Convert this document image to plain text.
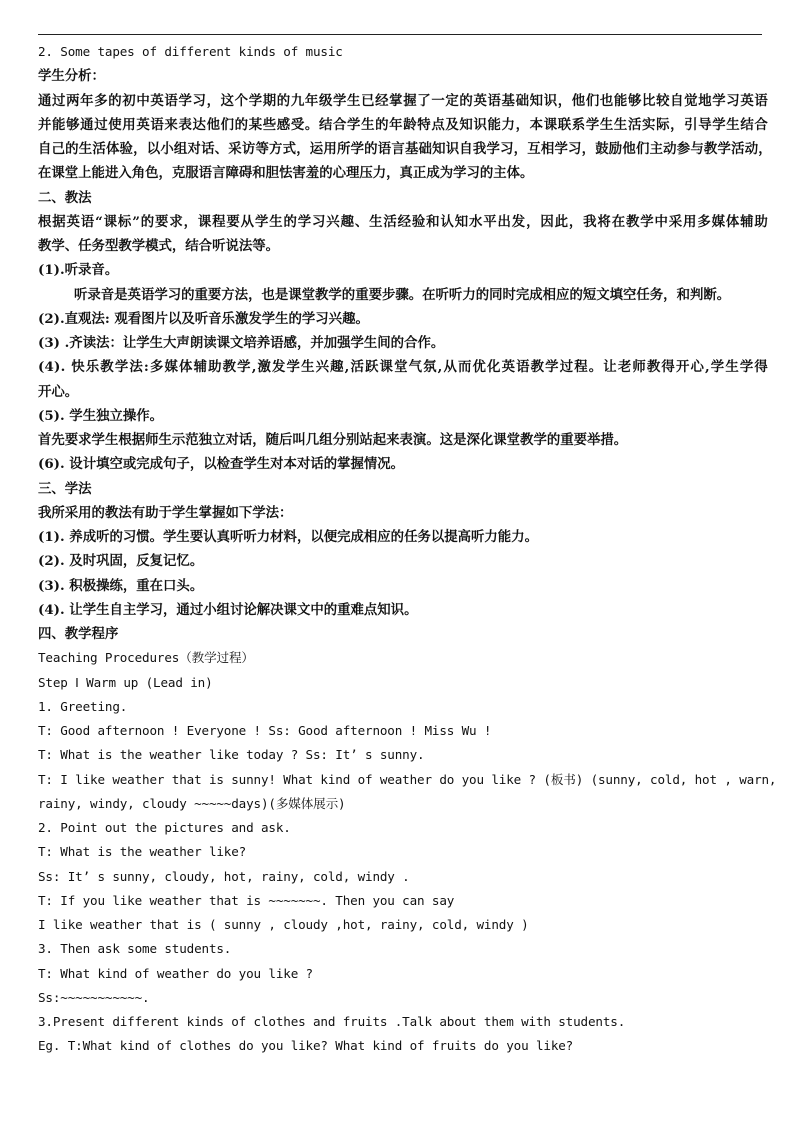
2. Some tapes of different kinds of music
学生分析：
通过两年多的初中英语学习，这个学期的九年级学生已经掌握了一定的英语基础知识，他们也能够比较自觉地学习英语
并能够通过使用英语来表达他们的某些感受。结合学生的年龄特点及知识能力，本课联系学生生活实际，引导学生结合
自己的生活体验，以小组对话、采访等方式，运用所学的语言基础知识自我学习，互相学习，鼓励他们主动参与教学活动，
在课堂上能进入角色，克服语言障碍和胆怯害羞的心理压力，真正成为学习的主体。
二、教法
根据英语“课标”的要求，课程要从学生的学习兴趣、生活经验和认知水平出发，因此，我将在教学中采用多媒体辅助
教学、任务型教学模式，结合听说法等。
(1).听录音。
听录音是英语学习的重要方法，也是课堂教学的重要步骤。在听听力的同时完成相应的短文填空任务，和判断。
(2).直观法: 观看图片以及听音乐激发学生的学习兴趣。
(3) .齐读法：让学生大声朗读课文培养语感，并加强学生间的合作。
(4). 快乐教学法:多媒体辅助教学,激发学生兴趣,活跃课堂气氛,从而优化英语教学过程。让老师教得开心,学生学得
开心。
(5). 学生独立操作。
首先要求学生根据师生示范独立对话，随后叫几组分别站起来表演。这是深化课堂教学的重要举措。
(6). 设计填空或完成句子，以检查学生对本对话的掌握情况。
三、学法
我所采用的教法有助于学生掌握如下学法：
(1). 养成听的习惯。学生要认真听听力材料，以便完成相应的任务以提高听力能力。
(2). 及时巩固，反复记忆。
(3). 积极操练，重在口头。
(4). 让学生自主学习，通过小组讨论解决课文中的重难点知识。
四、教学程序
Teaching Procedures（教学过程）
Step Ⅰ Warm up (Lead in)
1. Greeting.
T: Good afternoon ! Everyone ! Ss: Good afternoon ! Miss Wu !
T: What is the weather like today ? Ss: It’ s sunny.
T: I like weather that is sunny! What kind of weather do you like ? (板书) (sunny, cold, hot , warn,
rainy, windy, cloudy ~~~~~days)(多媒体展示)
2. Point out the pictures and ask.
T: What is the weather like?
Ss: It’ s sunny, cloudy, hot, rainy, cold, windy .
T: If you like weather that is ~~~~~~~. Then you can say
I like weather that is ( sunny , cloudy ,hot, rainy, cold, windy )
3. Then ask some students.
T: What kind of weather do you like ?
Ss:~~~~~~~~~~~.
3.Present different kinds of clothes and fruits .Talk about them with students.
Eg. T:What kind of clothes do you like? What kind of fruits do you like?
